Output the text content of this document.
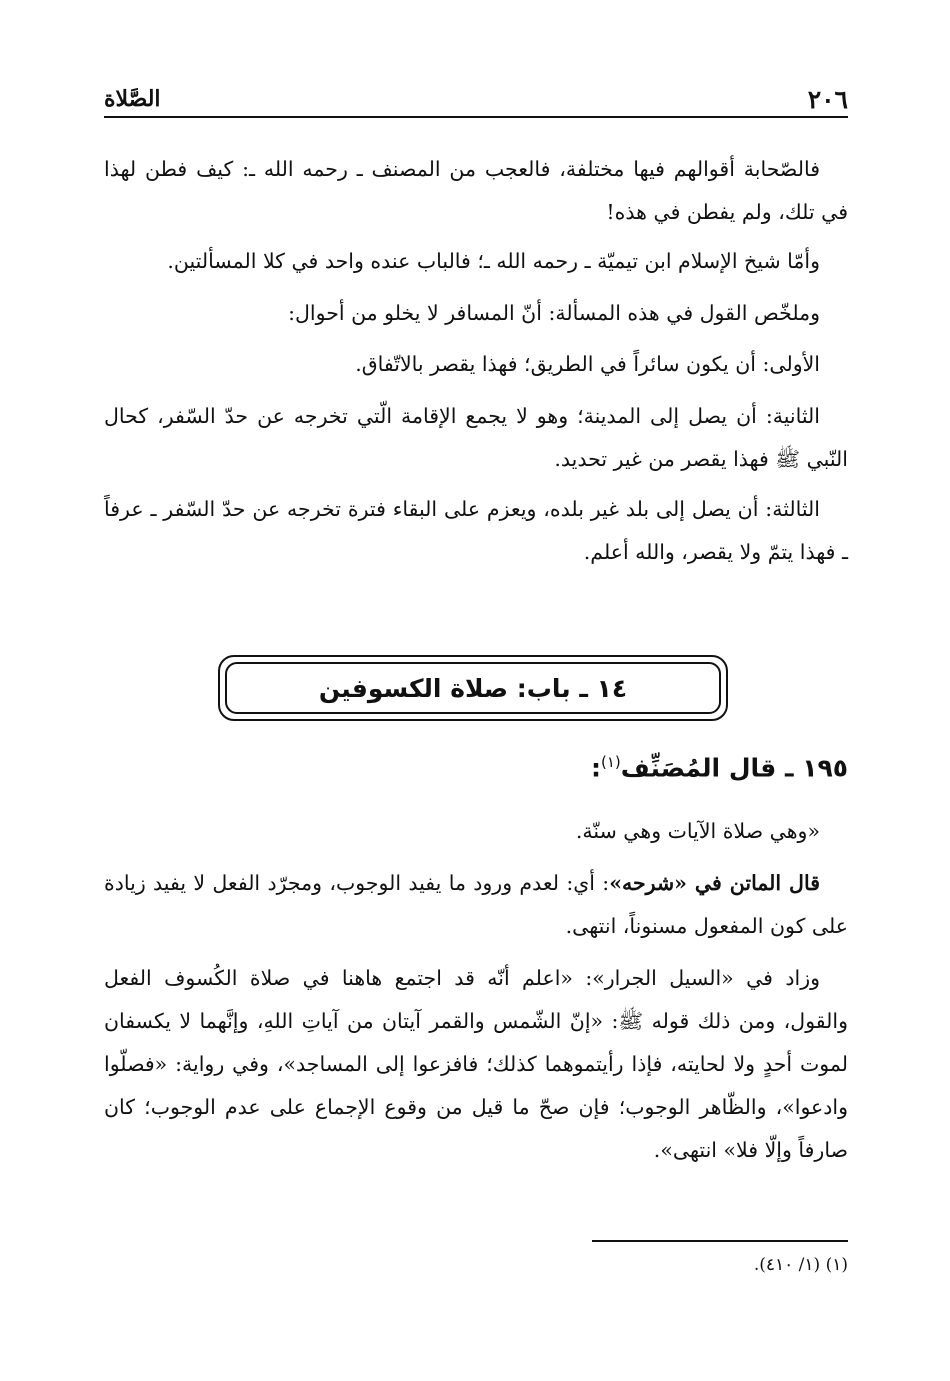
٢٠٦
الصَّلاة

فالصّحابة أقوالهم فيها مختلفة، فالعجب من المصنف ـ رحمه الله ـ: كيف فطن لهذا في تلك، ولم يفطن في هذه!

وأمّا شيخ الإسلام ابن تيميّة ـ رحمه الله ـ؛ فالباب عنده واحد في كلا المسألتين.

وملخّص القول في هذه المسألة: أنّ المسافر لا يخلو من أحوال:

الأولى: أن يكون سائراً في الطريق؛ فهذا يقصر بالاتّفاق.

الثانية: أن يصل إلى المدينة؛ وهو لا يجمع الإقامة الّتي تخرجه عن حدّ السّفر، كحال النّبي ﷺ فهذا يقصر من غير تحديد.

الثالثة: أن يصل إلى بلد غير بلده، ويعزم على البقاء فترة تخرجه عن حدّ السّفر ـ عرفاً ـ فهذا يتمّ ولا يقصر، والله أعلم.

١٤ ـ باب: صلاة الكسوفين
١٩٥ ـ قال المُصَنِّف$^{(١)}$:

«وهي صلاة الآيات وهي سنّة.

قال الماتن في «شرحه»: أي: لعدم ورود ما يفيد الوجوب، ومجرّد الفعل لا يفيد زيادة على كون المفعول مسنوناً، انتهى.

وزاد في «السيل الجرار»: «اعلم أنّه قد اجتمع هاهنا في صلاة الكُسوف الفعل والقول، ومن ذلك قوله ﷺ: «إنّ الشّمس والقمر آيتان من آياتِ اللهِ، وإنَّهما لا يكسفان لموت أحدٍ ولا لحايته، فإذا رأيتموهما كذلك؛ فافزعوا إلى المساجد»، وفي رواية: «فصلّوا وادعوا»، والظّاهر الوجوب؛ فإن صحّ ما قيل من وقوع الإجماع على عدم الوجوب؛ كان صارفاً وإلّا فلا» انتهى».

(١) (١/ ٤١٠).
